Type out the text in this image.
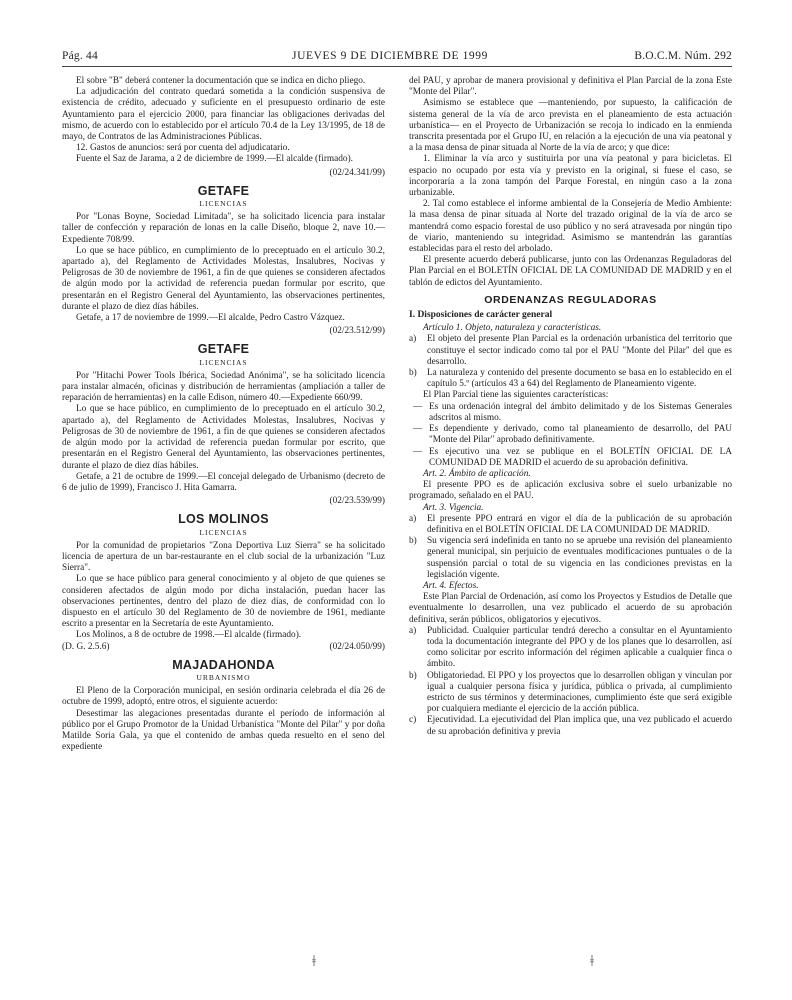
Pág. 44	JUEVES 9 DE DICIEMBRE DE 1999	B.O.C.M. Núm. 292

El sobre "B" deberá contener la documentación que se indica en dicho pliego.

La adjudicación del contrato quedará sometida a la condición suspensiva de existencia de crédito, adecuado y suficiente en el presupuesto ordinario de este Ayuntamiento para el ejercicio 2000, para financiar las obligaciones derivadas del mismo, de acuerdo con lo establecido por el artículo 70.4 de la Ley 13/1995, de 18 de mayo, de Contratos de las Administraciones Públicas.

12. Gastos de anuncios: será por cuenta del adjudicatario.

Fuente el Saz de Jarama, a 2 de diciembre de 1999.—El alcalde (firmado).

(02/24.341/99)

GETAFE
LICENCIAS

Por "Lonas Boyne, Sociedad Limitada", se ha solicitado licencia para instalar taller de confección y reparación de lonas en la calle Diseño, bloque 2, nave 10.—Expediente 708/99.

Lo que se hace público, en cumplimiento de lo preceptuado en el artículo 30.2, apartado a), del Reglamento de Actividades Molestas, Insalubres, Nocivas y Peligrosas de 30 de noviembre de 1961, a fin de que quienes se consideren afectados de algún modo por la actividad de referencia puedan formular por escrito, que presentarán en el Registro General del Ayuntamiento, las observaciones pertinentes, durante el plazo de diez días hábiles.

Getafe, a 17 de noviembre de 1999.—El alcalde, Pedro Castro Vázquez.

(02/23.512/99)

GETAFE
LICENCIAS

Por "Hitachi Power Tools Ibérica, Sociedad Anónima", se ha solicitado licencia para instalar almacén, oficinas y distribución de herramientas (ampliación a taller de reparación de herramientas) en la calle Edison, número 40.—Expediente 660/99.

Lo que se hace público, en cumplimiento de lo preceptuado en el artículo 30.2, apartado a), del Reglamento de Actividades Molestas, Insalubres, Nocivas y Peligrosas de 30 de noviembre de 1961, a fin de que quienes se consideren afectados de algún modo por la actividad de referencia puedan formular por escrito, que presentarán en el Registro General del Ayuntamiento, las observaciones pertinentes, durante el plazo de diez días hábiles.

Getafe, a 21 de octubre de 1999.—El concejal delegado de Urbanismo (decreto de 6 de julio de 1999), Francisco J. Hita Gamarra.

(02/23.539/99)

LOS MOLINOS
LICENCIAS

Por la comunidad de propietarios "Zona Deportiva Luz Sierra" se ha solicitado licencia de apertura de un bar-restaurante en el club social de la urbanización "Luz Sierra".

Lo que se hace público para general conocimiento y al objeto de que quienes se consideren afectados de algún modo por dicha instalación, puedan hacer las observaciones pertinentes, dentro del plazo de diez días, de conformidad con lo dispuesto en el artículo 30 del Reglamento de 30 de noviembre de 1961, mediante escrito a presentar en la Secretaría de este Ayuntamiento.

Los Molinos, a 8 de octubre de 1998.—El alcalde (firmado).

(D. G. 2.5.6)	(02/24.050/99)
MAJADAHONDA
URBANISMO

El Pleno de la Corporación municipal, en sesión ordinaria celebrada el día 26 de octubre de 1999, adoptó, entre otros, el siguiente acuerdo:

Desestimar las alegaciones presentadas durante el período de información al público por el Grupo Promotor de la Unidad Urbanística "Monte del Pilar" y por doña Matilde Soria Gala, ya que el contenido de ambas queda resuelto en el seno del expediente

del PAU, y aprobar de manera provisional y definitiva el Plan Parcial de la zona Este "Monte del Pilar".

Asimismo se establece que —manteniendo, por supuesto, la calificación de sistema general de la vía de arco prevista en el planeamiento de esta actuación urbanística— en el Proyecto de Urbanización se recoja lo indicado en la enmienda transcrita presentada por el Grupo IU, en relación a la ejecución de una vía peatonal y a la masa densa de pinar situada al Norte de la vía de arco; y que dice:

1. Eliminar la vía arco y sustituirla por una vía peatonal y para bicicletas. El espacio no ocupado por esta vía y previsto en la original, si fuese el caso, se incorporaría a la zona tampón del Parque Forestal, en ningún caso a la zona urbanizable.

2. Tal como establece el informe ambiental de la Consejería de Medio Ambiente: la masa densa de pinar situada al Norte del trazado original de la vía de arco se mantendrá como espacio forestal de uso público y no será atravesada por ningún tipo de viario, manteniendo su integridad. Asimismo se mantendrán las garantías establecidas para el resto del arbolado.

El presente acuerdo deberá publicarse, junto con las Ordenanzas Reguladoras del Plan Parcial en el BOLETÍN OFICIAL DE LA COMUNIDAD DE MADRID y en el tablón de edictos del Ayuntamiento.

ORDENANZAS REGULADORAS
I. Disposiciones de carácter general

Artículo 1. Objeto, naturaleza y características.

a)	El objeto del presente Plan Parcial es la ordenación urbanística del territorio que constituye el sector indicado como tal por el PAU "Monte del Pilar" del que es desarrollo.
b)	La naturaleza y contenido del presente documento se basa en lo establecido en el capítulo 5.º (artículos 43 a 64) del Reglamento de Planeamiento vigente.

El Plan Parcial tiene las siguientes características:

— Es una ordenación integral del ámbito delimitado y de los Sistemas Generales adscritos al mismo.
— Es dependiente y derivado, como tal planeamiento de desarrollo, del PAU "Monte del Pilar" aprobado definitivamente.
— Es ejecutivo una vez se publique en el BOLETÍN OFICIAL DE LA COMUNIDAD DE MADRID el acuerdo de su aprobación definitiva.

Art. 2. Ámbito de aplicación.

El presente PPO es de aplicación exclusiva sobre el suelo urbanizable no programado, señalado en el PAU.

Art. 3. Vigencia.

a)	El presente PPO entrará en vigor el día de la publicación de su aprobación definitiva en el BOLETÍN OFICIAL DE LA COMUNIDAD DE MADRID.
b)	Su vigencia será indefinida en tanto no se apruebe una revisión del planeamiento general municipal, sin perjuicio de eventuales modificaciones puntuales o de la suspensión parcial o total de su vigencia en las condiciones previstas en la legislación vigente.

Art. 4. Efectos.

Este Plan Parcial de Ordenación, así como los Proyectos y Estudios de Detalle que eventualmente lo desarrollen, una vez publicado el acuerdo de su aprobación definitiva, serán públicos, obligatorios y ejecutivos.

a)	Publicidad. Cualquier particular tendrá derecho a consultar en el Ayuntamiento toda la documentación integrante del PPO y de los planes que lo desarrollen, así como solicitar por escrito información del régimen aplicable a cualquier finca o ámbito.
b)	Obligatoriedad. El PPO y los proyectos que lo desarrollen obligan y vinculan por igual a cualquier persona física y jurídica, pública o privada, al cumplimiento estricto de sus términos y determinaciones, cumplimiento éste que será exigible por cualquiera mediante el ejercicio de la acción pública.
c)	Ejecutividad. La ejecutividad del Plan implica que, una vez publicado el acuerdo de su aprobación definitiva y previa
ǂ	ǂ
